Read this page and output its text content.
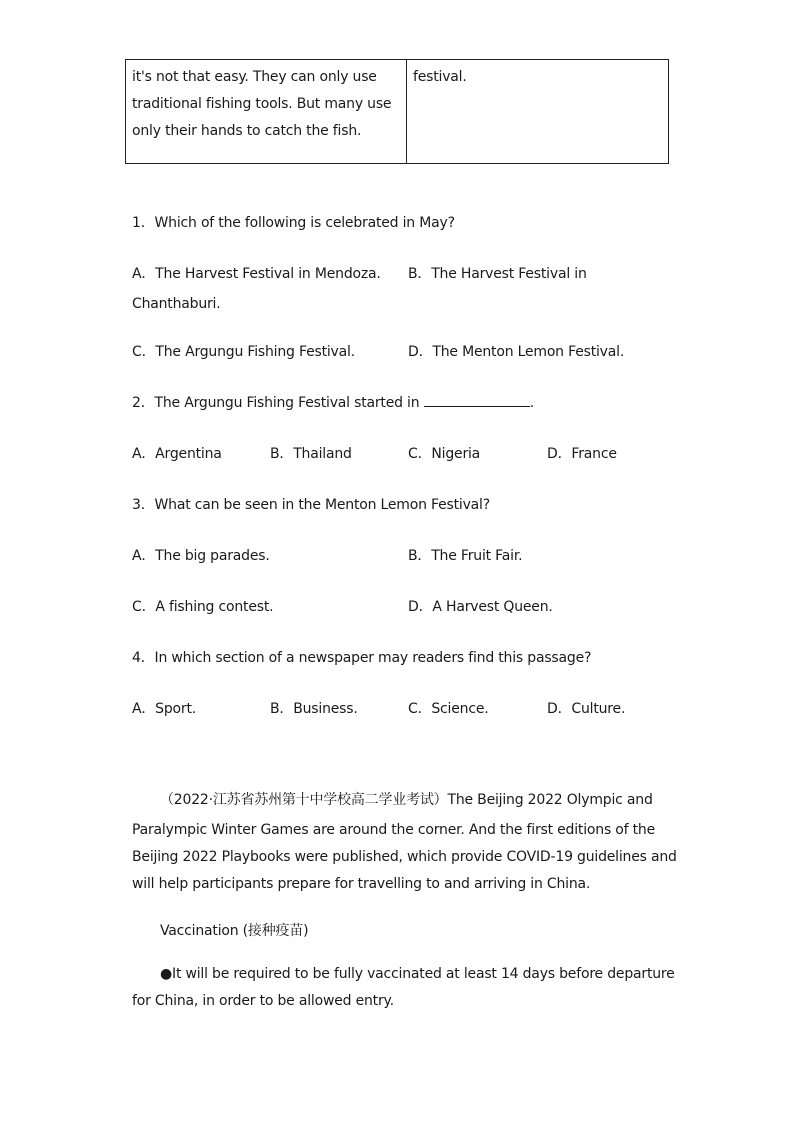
it's not that easy. They can only use traditional fishing tools. But many use only their hands to catch the fish.	festival.
1．Which of the following is celebrated in May?
A．The Harvest Festival in Mendoza. B．The Harvest Festival in
Chanthaburi.
C．The Argungu Fishing Festival.	D．The Menton Lemon Festival.
2．The Argungu Fishing Festival started in	.
A．Argentina	B．Thailand	C．Nigeria	D．France
3．What can be seen in the Menton Lemon Festival?
A．The big parades.	B．The Fruit Fair.
C．A fishing contest.	D．A Harvest Queen.
4．In which section of a newspaper may readers find this passage?
A．Sport.	B．Business.	C．Science.	D．Culture.
（2022·江苏省苏州第十中学校高二学业考试）The Beijing 2022 Olympic and
Paralympic Winter Games are around the corner. And the first editions of the
Beijing 2022 Playbooks were published, which provide COVID-19 guidelines and
will help participants prepare for travelling to and arriving in China.
Vaccination (接种疫苗)
●It will be required to be fully vaccinated at least 14 days before departure
for China, in order to be allowed entry.
